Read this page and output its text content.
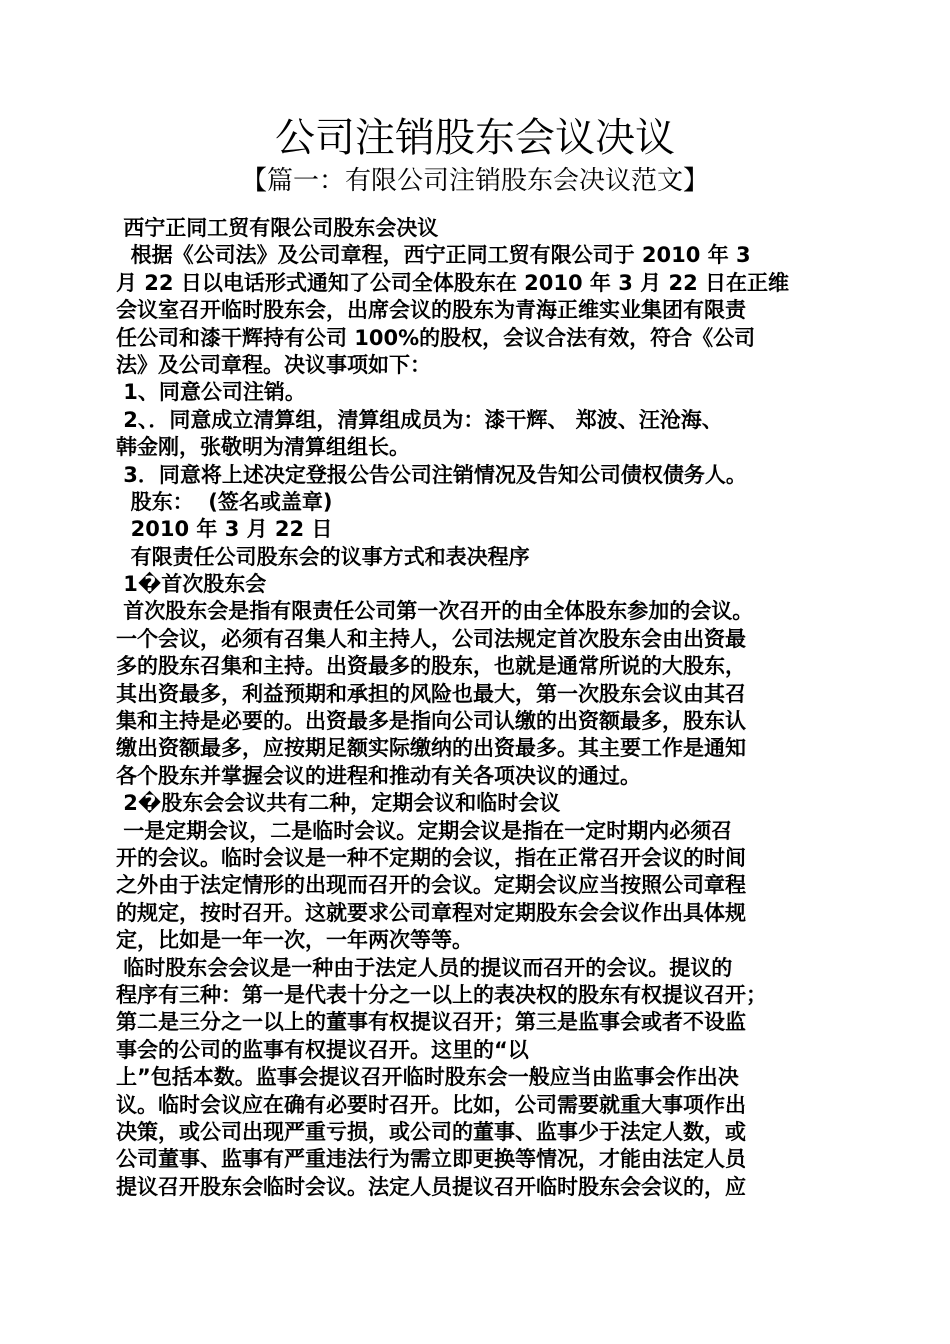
公司注销股东会议决议
【篇一：有限公司注销股东会决议范文】
西宁正同工贸有限公司股东会决议
根据《公司法》及公司章程，西宁正同工贸有限公司于 2010 年 3
月 22 日以电话形式通知了公司全体股东在 2010 年 3 月 22 日在正维
会议室召开临时股东会，出席会议的股东为青海正维实业集团有限责
任公司和漆干辉持有公司 100%的股权，会议合法有效，符合《公司
法》及公司章程。决议事项如下：
1、同意公司注销。
2、．同意成立清算组，清算组成员为：漆干辉、 郑波、汪沧海、
韩金刚，张敬明为清算组组长。
3．同意将上述决定登报公告公司注销情况及告知公司债权债务人。
股东：  (签名或盖章)
2010 年 3 月 22 日
有限责任公司股东会的议事方式和表决程序
1�首次股东会
首次股东会是指有限责任公司第一次召开的由全体股东参加的会议。
一个会议，必须有召集人和主持人，公司法规定首次股东会由出资最
多的股东召集和主持。出资最多的股东，也就是通常所说的大股东，
其出资最多，利益预期和承担的风险也最大，第一次股东会议由其召
集和主持是必要的。出资最多是指向公司认缴的出资额最多，股东认
缴出资额最多，应按期足额实际缴纳的出资最多。其主要工作是通知
各个股东并掌握会议的进程和推动有关各项决议的通过。
2�股东会会议共有二种，定期会议和临时会议
一是定期会议，二是临时会议。定期会议是指在一定时期内必须召
开的会议。临时会议是一种不定期的会议，指在正常召开会议的时间
之外由于法定情形的出现而召开的会议。定期会议应当按照公司章程
的规定，按时召开。这就要求公司章程对定期股东会会议作出具体规
定，比如是一年一次，一年两次等等。
临时股东会会议是一种由于法定人员的提议而召开的会议。提议的
程序有三种：第一是代表十分之一以上的表决权的股东有权提议召开；
第二是三分之一以上的董事有权提议召开；第三是监事会或者不设监
事会的公司的监事有权提议召开。这里的“以
上”包括本数。监事会提议召开临时股东会一般应当由监事会作出决
议。临时会议应在确有必要时召开。比如，公司需要就重大事项作出
决策，或公司出现严重亏损，或公司的董事、监事少于法定人数，或
公司董事、监事有严重违法行为需立即更换等情况，才能由法定人员
提议召开股东会临时会议。法定人员提议召开临时股东会会议的，应
